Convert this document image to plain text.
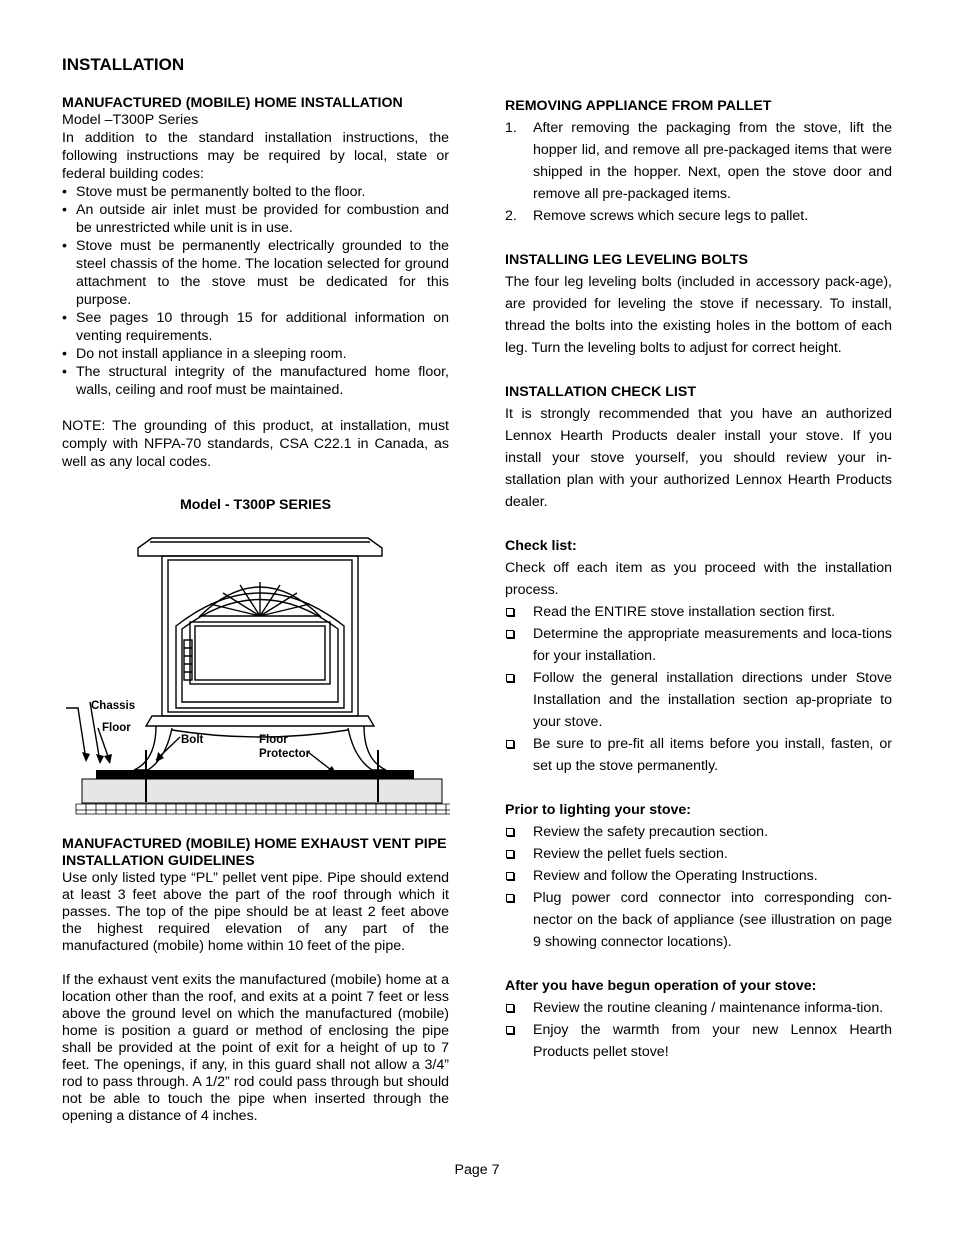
INSTALLATION
MANUFACTURED (MOBILE) HOME INSTALLATION

Model –T300P Series

In addition to the standard installation instructions, the following instructions may be required by local, state or federal building codes:

• Stove must be permanently bolted to the floor.
• An outside air inlet must be provided for combustion and be unrestricted while unit is in use.
• Stove must be permanently electrically grounded to the steel chassis of the home. The location selected for ground attachment to the stove must be dedicated for this purpose.
• See pages 10 through 15 for additional information on venting requirements.
• Do not install appliance in a sleeping room.
• The structural integrity of the manufactured home floor, walls, ceiling and roof must be maintained.

NOTE: The grounding of this product, at installation, must comply with NFPA-70 standards, CSA C22.1 in Canada, as well as any local codes.

Model - T300P SERIES
Chassis
Floor
Bolt	Floor
Protector
MANUFACTURED (MOBILE) HOME EXHAUST VENT PIPE INSTALLATION GUIDELINES

Use only listed type “PL” pellet vent pipe. Pipe should extend at least 3 feet above the part of the roof through which it passes. The top of the pipe should be at least 2 feet above the highest required elevation of any part of the manufactured (mobile) home within 10 feet of the pipe.

If the exhaust vent exits the manufactured (mobile) home at a location other than the roof, and exits at a point 7 feet or less above the ground level on which the manufactured (mobile) home is position a guard or method of enclosing the pipe shall be provided at the point of exit for a height of up to 7 feet. The openings, if any, in this guard shall not allow a 3/4” rod to pass through. A 1/2” rod could pass through but should not be able to touch the pipe when inserted through the opening a distance of 4 inches.

REMOVING APPLIANCE FROM PALLET
1. After removing the packaging from the stove, lift the hopper lid, and remove all pre-packaged items that were shipped in the hopper. Next, open the stove door and remove all pre-packaged items.
2. Remove screws which secure legs to pallet.
INSTALLING LEG LEVELING BOLTS

The four leg leveling bolts (included in accessory pack-age), are provided for leveling the stove if necessary. To install, thread the bolts into the existing holes in the bottom of each leg. Turn the leveling bolts to adjust for correct height.

INSTALLATION CHECK LIST

It is strongly recommended that you have an authorized Lennox Hearth Products dealer install your stove. If you install your stove yourself, you should review your in-stallation plan with your authorized Lennox Hearth Products dealer.

Check list:

Check off each item as you proceed with the installation process.

Read the ENTIRE stove installation section first.
Determine the appropriate measurements and loca-tions for your installation.
Follow the general installation directions under Stove Installation and the installation section ap-propriate to your stove.
Be sure to pre-fit all items before you install, fasten, or set up the stove permanently.
Prior to lighting your stove:
Review the safety precaution section.
Review the pellet fuels section.
Review and follow the Operating Instructions.
Plug power cord connector into corresponding con-nector on the back of appliance (see illustration on page 9 showing connector locations).
After you have begun operation of your stove:
Review the routine cleaning / maintenance informa-tion.
Enjoy the warmth from your new Lennox Hearth Products pellet stove!
Page 7
